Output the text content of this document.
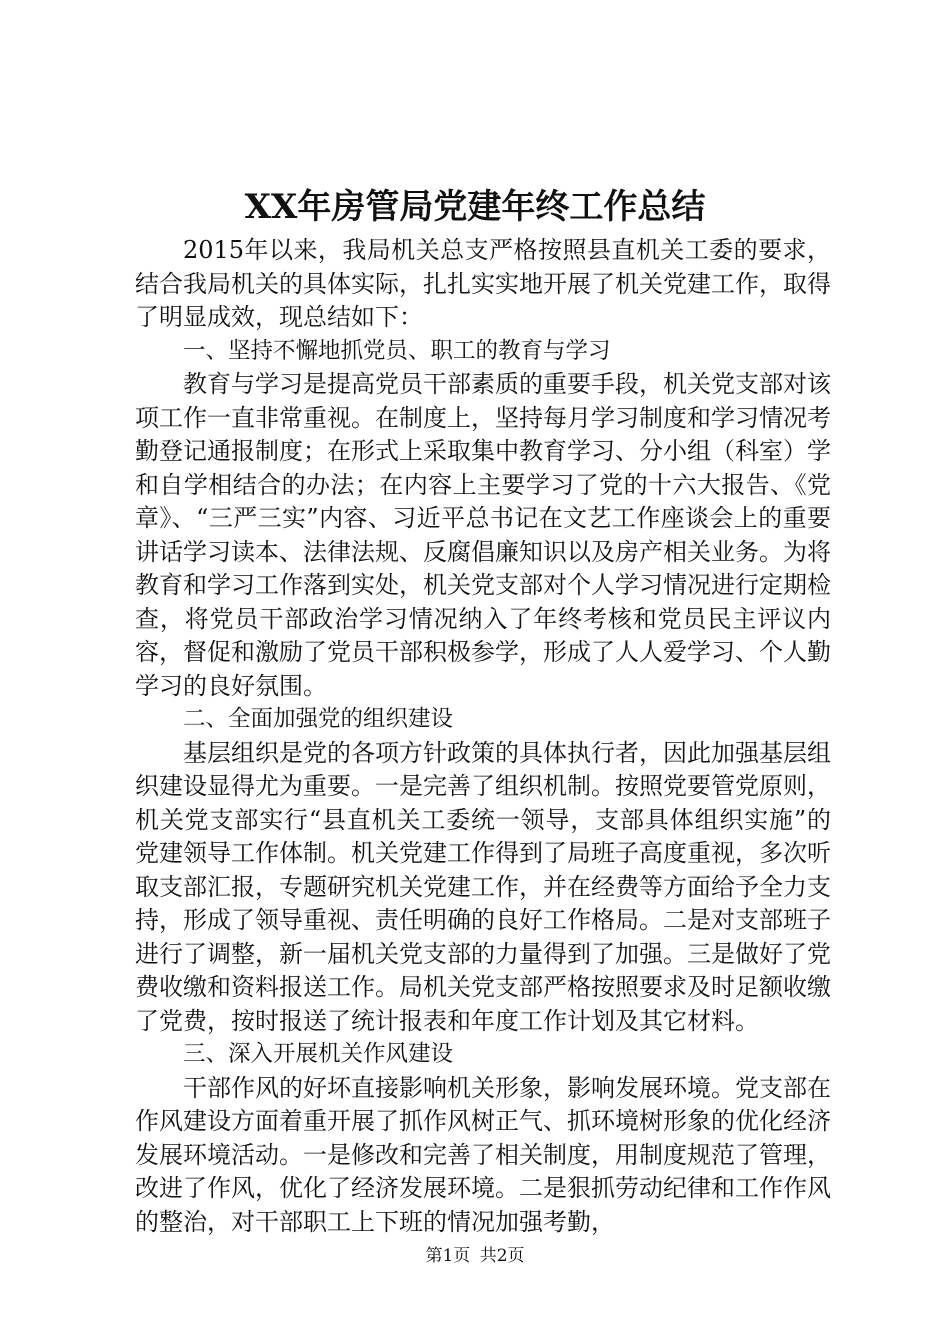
XX年房管局党建年终工作总结

2015年以来，我局机关总支严格按照县直机关工委的要求，结合我局机关的具体实际，扎扎实实地开展了机关党建工作，取得了明显成效，现总结如下：

一、坚持不懈地抓党员、职工的教育与学习

教育与学习是提高党员干部素质的重要手段，机关党支部对该项工作一直非常重视。在制度上，坚持每月学习制度和学习情况考勤登记通报制度；在形式上采取集中教育学习、分小组（科室）学和自学相结合的办法；在内容上主要学习了党的十六大报告、《党章》、“三严三实”内容、习近平总书记在文艺工作座谈会上的重要讲话学习读本、法律法规、反腐倡廉知识以及房产相关业务。为将教育和学习工作落到实处，机关党支部对个人学习情况进行定期检查，将党员干部政治学习情况纳入了年终考核和党员民主评议内容，督促和激励了党员干部积极参学，形成了人人爱学习、个人勤学习的良好氛围。

二、全面加强党的组织建设

基层组织是党的各项方针政策的具体执行者，因此加强基层组织建设显得尤为重要。一是完善了组织机制。按照党要管党原则，机关党支部实行“县直机关工委统一领导，支部具体组织实施”的党建领导工作体制。机关党建工作得到了局班子高度重视，多次听取支部汇报，专题研究机关党建工作，并在经费等方面给予全力支持，形成了领导重视、责任明确的良好工作格局。二是对支部班子进行了调整，新一届机关党支部的力量得到了加强。三是做好了党费收缴和资料报送工作。局机关党支部严格按照要求及时足额收缴了党费，按时报送了统计报表和年度工作计划及其它材料。

三、深入开展机关作风建设

干部作风的好坏直接影响机关形象，影响发展环境。党支部在作风建设方面着重开展了抓作风树正气、抓环境树形象的优化经济发展环境活动。一是修改和完善了相关制度，用制度规范了管理，改进了作风，优化了经济发展环境。二是狠抓劳动纪律和工作作风的整治，对干部职工上下班的情况加强考勤，

第1页 共2页
